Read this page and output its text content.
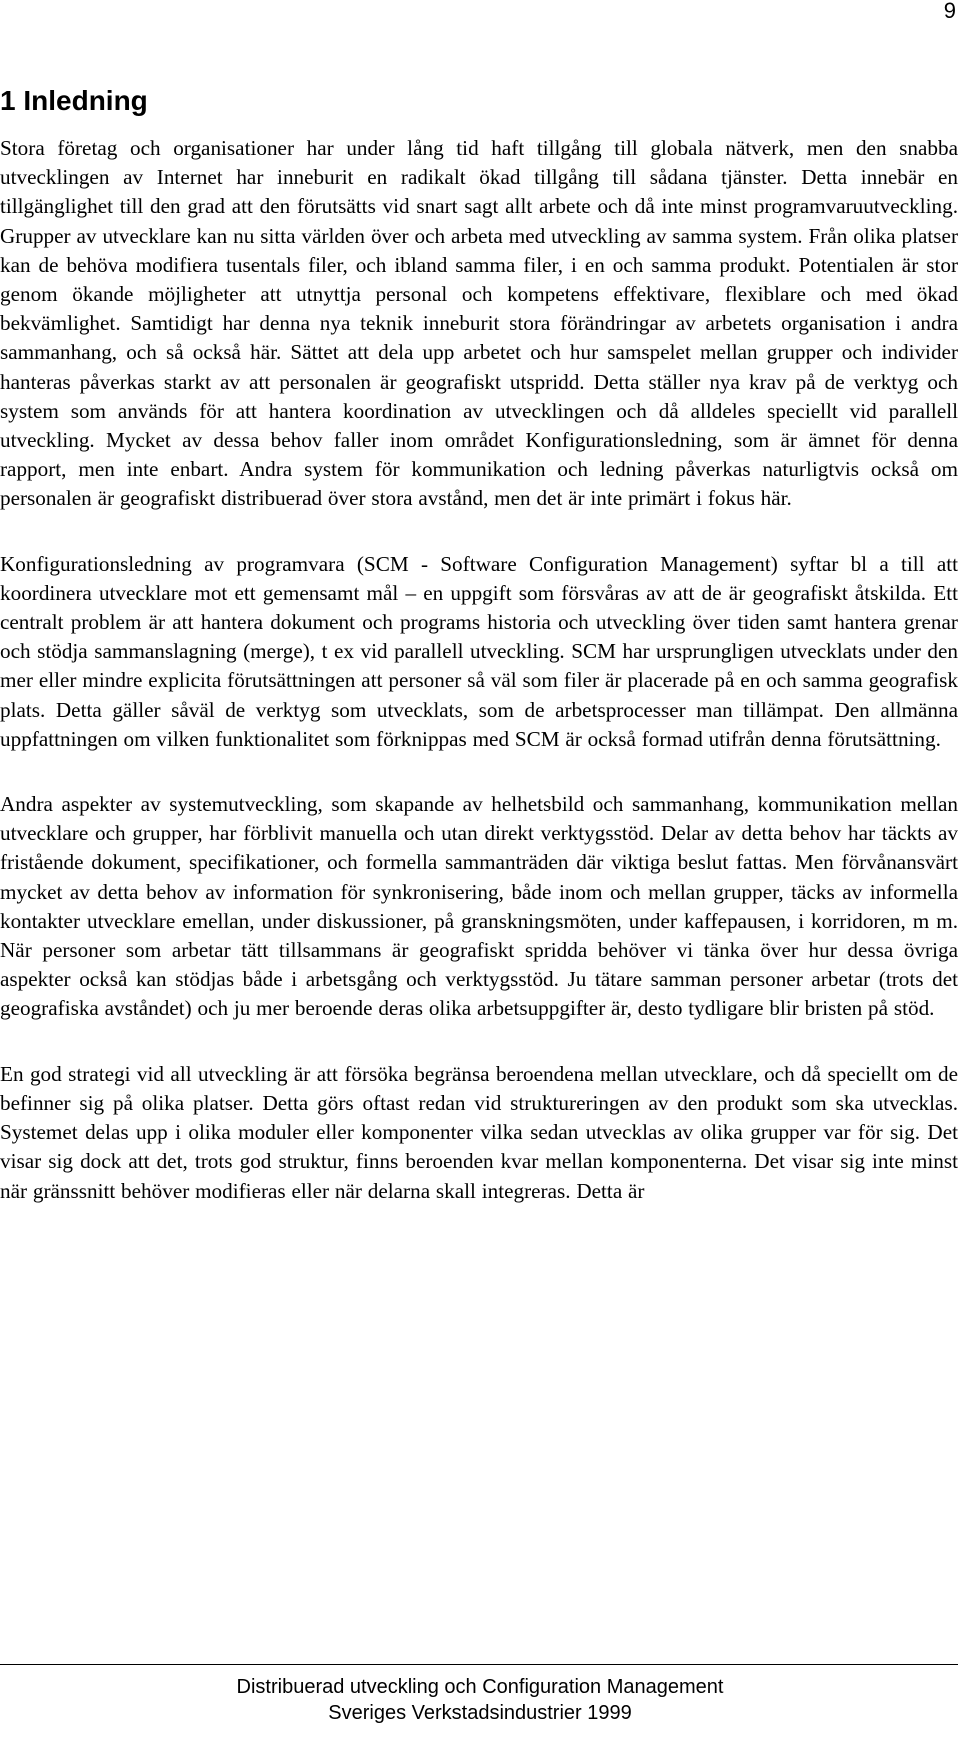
9
1 Inledning

Stora företag och organisationer har under lång tid haft tillgång till globala nätverk, men den snabba utvecklingen av Internet har inneburit en radikalt ökad tillgång till sådana tjänster. Detta innebär en tillgänglighet till den grad att den förutsätts vid snart sagt allt arbete och då inte minst programvaruutveckling. Grupper av utvecklare kan nu sitta världen över och arbeta med utveckling av samma system. Från olika platser kan de behöva modifiera tusentals filer, och ibland samma filer, i en och samma produkt. Potentialen är stor genom ökande möjligheter att utnyttja personal och kompetens effektivare, flexiblare och med ökad bekvämlighet. Samtidigt har denna nya teknik inneburit stora förändringar av arbetets organisation i andra sammanhang, och så också här. Sättet att dela upp arbetet och hur samspelet mellan grupper och individer hanteras påverkas starkt av att personalen är geografiskt utspridd. Detta ställer nya krav på de verktyg och system som används för att hantera koordination av utvecklingen och då alldeles speciellt vid parallell utveckling. Mycket av dessa behov faller inom området Konfigurationsledning, som är ämnet för denna rapport, men inte enbart. Andra system för kommunikation och ledning påverkas naturligtvis också om personalen är geografiskt distribuerad över stora avstånd, men det är inte primärt i fokus här.

Konfigurationsledning av programvara (SCM - Software Configuration Management) syftar bl a till att koordinera utvecklare mot ett gemensamt mål – en uppgift som försvåras av att de är geografiskt åtskilda. Ett centralt problem är att hantera dokument och programs historia och utveckling över tiden samt hantera grenar och stödja sammanslagning (merge), t ex vid parallell utveckling. SCM har ursprungligen utvecklats under den mer eller mindre explicita förutsättningen att personer så väl som filer är placerade på en och samma geografisk plats. Detta gäller såväl de verktyg som utvecklats, som de arbetsprocesser man tillämpat. Den allmänna uppfattningen om vilken funktionalitet som förknippas med SCM är också formad utifrån denna förutsättning.

Andra aspekter av systemutveckling, som skapande av helhetsbild och sammanhang, kommunikation mellan utvecklare och grupper, har förblivit manuella och utan direkt verktygsstöd. Delar av detta behov har täckts av fristående dokument, specifikationer, och formella sammanträden där viktiga beslut fattas. Men förvånansvärt mycket av detta behov av information för synkronisering, både inom och mellan grupper, täcks av informella kontakter utvecklare emellan, under diskussioner, på granskningsmöten, under kaffepausen, i korridoren, m m. När personer som arbetar tätt tillsammans är geografiskt spridda behöver vi tänka över hur dessa övriga aspekter också kan stödjas både i arbetsgång och verktygsstöd. Ju tätare samman personer arbetar (trots det geografiska avståndet) och ju mer beroende deras olika arbetsuppgifter är, desto tydligare blir bristen på stöd.

En god strategi vid all utveckling är att försöka begränsa beroendena mellan utvecklare, och då speciellt om de befinner sig på olika platser. Detta görs oftast redan vid struktureringen av den produkt som ska utvecklas. Systemet delas upp i olika moduler eller komponenter vilka sedan utvecklas av olika grupper var för sig. Det visar sig dock att det, trots god struktur, finns beroenden kvar mellan komponenterna. Det visar sig inte minst när gränssnitt behöver modifieras eller när delarna skall integreras. Detta är

Distribuerad utveckling och Configuration Management
Sveriges Verkstadsindustrier 1999
